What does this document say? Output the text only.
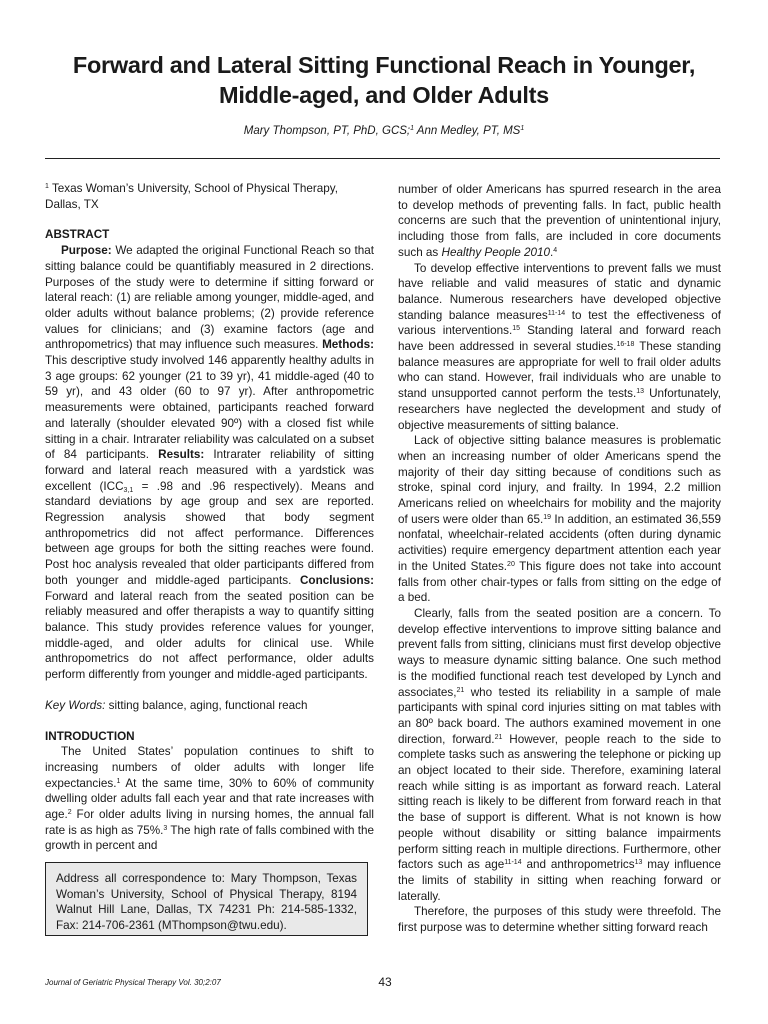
Forward and Lateral Sitting Functional Reach in Younger, Middle-aged, and Older Adults
Mary Thompson, PT, PhD, GCS;$^1$ Ann Medley, PT, $MS^1$

$^1$ Texas Woman’s University, School of Physical Therapy, Dallas, TX

ABSTRACT

Purpose: We adapted the original Functional Reach so that sitting balance could be quantifiably measured in 2 directions. Purposes of the study were to determine if sitting forward or lateral reach: (1) are reliable among younger, middle-aged, and older adults without balance problems; (2) provide reference values for clinicians; and (3) examine factors (age and anthropometrics) that may influence such measures. Methods: This descriptive study involved 146 apparently healthy adults in 3 age groups: 62 younger (21 to 39 yr), 41 middle-aged (40 to 59 yr), and 43 older (60 to 97 yr). After anthropometric measurements were obtained, participants reached forward and laterally (shoulder elevated 90º) with a closed fist while sitting in a chair. Intrarater reliability was calculated on a subset of 84 participants. Results: Intrarater reliability of sitting forward and lateral reach measured with a yardstick was excellent ($ICC_{3,1} = .98$ and .96 respectively). Means and standard deviations by age group and sex are reported. Regression analysis showed that body segment anthropometrics did not affect performance. Differences between age groups for both the sitting reaches were found. Post hoc analysis revealed that older participants differed from both younger and middle-aged participants. Conclusions: Forward and lateral reach from the seated position can be reliably measured and offer therapists a way to quantify sitting balance. This study provides reference values for younger, middle-aged, and older adults for clinical use. While anthropometrics do not affect performance, older adults perform differently from younger and middle-aged participants.

Key Words: sitting balance, aging, functional reach

INTRODUCTION

The United States’ population continues to shift to increasing numbers of older adults with longer life expectancies.$^1$ At the same time, 30% to 60% of community dwelling older adults fall each year and that rate increases with age.$^2$ For older adults living in nursing homes, the annual fall rate is as high as 75%.$^3$ The high rate of falls combined with the growth in percent and

Address all correspondence to: Mary Thompson, Texas Woman’s University, School of Physical Therapy, 8194 Walnut Hill Lane, Dallas, TX 74231 Ph: 214-585-1332, Fax: 214-706-2361 (MThompson@twu.edu).

number of older Americans has spurred research in the area to develop methods of preventing falls. In fact, public health concerns are such that the prevention of unintentional injury, including those from falls, are included in core documents such as Healthy People 2010.$^4$

To develop effective interventions to prevent falls we must have reliable and valid measures of static and dynamic balance. Numerous researchers have developed objective standing balance measures$^{11-14}$ to test the effectiveness of various interventions.$^{15}$ Standing lateral and forward reach have been addressed in several studies.$^{16-18}$ These standing balance measures are appropriate for well to frail older adults who can stand. However, frail individuals who are unable to stand unsupported cannot perform the tests.$^{13}$ Unfortunately, researchers have neglected the development and study of objective measurements of sitting balance.

Lack of objective sitting balance measures is problematic when an increasing number of older Americans spend the majority of their day sitting because of conditions such as stroke, spinal cord injury, and frailty. In 1994, 2.2 million Americans relied on wheelchairs for mobility and the majority of users were older than 65.19 In addition, an estimated 36,559 nonfatal, wheelchair-related accidents (often during dynamic activities) require emergency department attention each year in the United States.$^{20}$ This figure does not take into account falls from other chair-types or falls from sitting on the edge of a bed.

Clearly, falls from the seated position are a concern. To develop effective interventions to improve sitting balance and prevent falls from sitting, clinicians must first develop objective ways to measure dynamic sitting balance. One such method is the modified functional reach test developed by Lynch and associates,$^{21}$ who tested its reliability in a sample of male participants with spinal cord injuries sitting on mat tables with an 80º back board. The authors examined movement in one direction, forward.$^{21}$ However, people reach to the side to complete tasks such as answering the telephone or picking up an object located to their side. Therefore, examining lateral reach while sitting is as important as forward reach. Lateral sitting reach is likely to be different from forward reach in that the base of support is different. What is not known is how people without disability or sitting balance impairments perform sitting reach in multiple directions. Furthermore, other factors such as age$^{11-14}$ and anthropometrics$^{13}$ may influence the limits of stability in sitting when reaching forward or laterally.

Therefore, the purposes of this study were threefold. The first purpose was to determine whether sitting forward reach

Journal of Geriatric Physical Therapy Vol. 30;2:07	43
